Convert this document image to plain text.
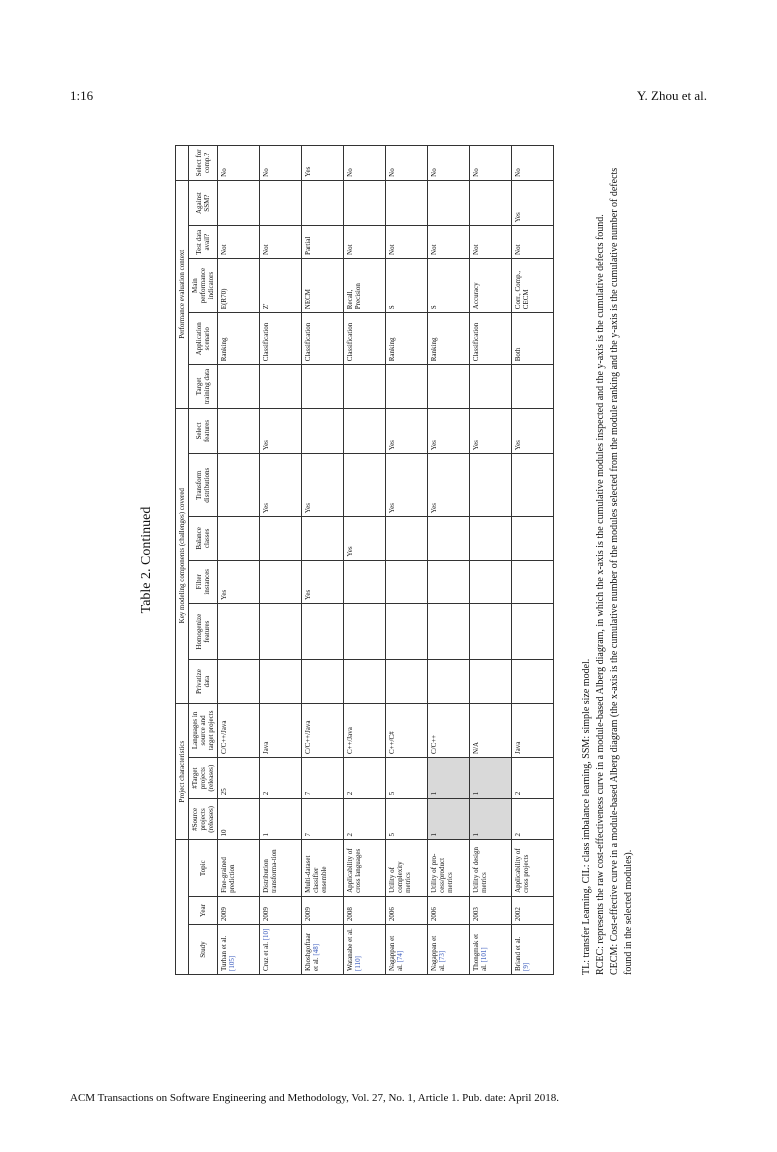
1:16	Y. Zhou et al.
Table 2. Continued
			Project characteristics			Key modeling components (challenges) covered						Performance evaluation context					
Study	Year	Topic	#Source projects (releases)	#Target projects (releases)	Languages in source and target projects	Privatize data	Homogenize features	Filter instances	Balance classes	Transform distributions	Select features	Target training data	Application scenario	Main performance indicators	Test data avail?	Against SSM?	Select for comp.?
Turhan et al. [105]	2009	Fine-grained prediction	10	25	C/C++/Java			Yes					Ranking	E(R70)	Not		No
Cruz et al. [10]	2009	Distribution transforma-tion	1	2	Java					Yes	Yes		Classification	Z'	Not		No
Khoshgoftaar et al. [48]	2009	Multi-dataset classifier ensemble	7	7	C/C++/Java			Yes		Yes			Classification	NECM	Partial		Yes
Watanabe et al. [110]	2008	Applicability of cross languages	2	2	C++/Java				Yes				Classification	Recall, Precision	Not		No
Nagappan et al. [74]	2006	Utility of complexity metrics	5	5	C++/C#					Yes	Yes		Ranking	S	Not		No
Nagappan et al. [73]	2006	Utility of pro-cess/product metrics	1	1	C/C++					Yes	Yes		Ranking	S	Not		No
Thongmak et al. [101]	2003	Utility of design metrics	1	1	N/A						Yes		Classification	Accuracy	Not		No
Briand et al. [9]	2002	Applicability of cross projects	2	2	Java						Yes		Both	Corr., Comp., CECM	Not	Yes	No
TL: transfer Learning, CIL: class imbalance learning, SSM: simple size model. RCEC: represents the raw cost-effectiveness curve in a module-based Alberg diagram, in which the x-axis is the cumulative modules inspected and the y-axis is the cumulative defects found. CECM: Cost-effective curve in a module-based Alberg diagram (the x-axis is the cumulative number of the modules selected from the module ranking and the y-axis is the cumulative number of defects found in the selected modules).
ACM Transactions on Software Engineering and Methodology, Vol. 27, No. 1, Article 1. Pub. date: April 2018.
